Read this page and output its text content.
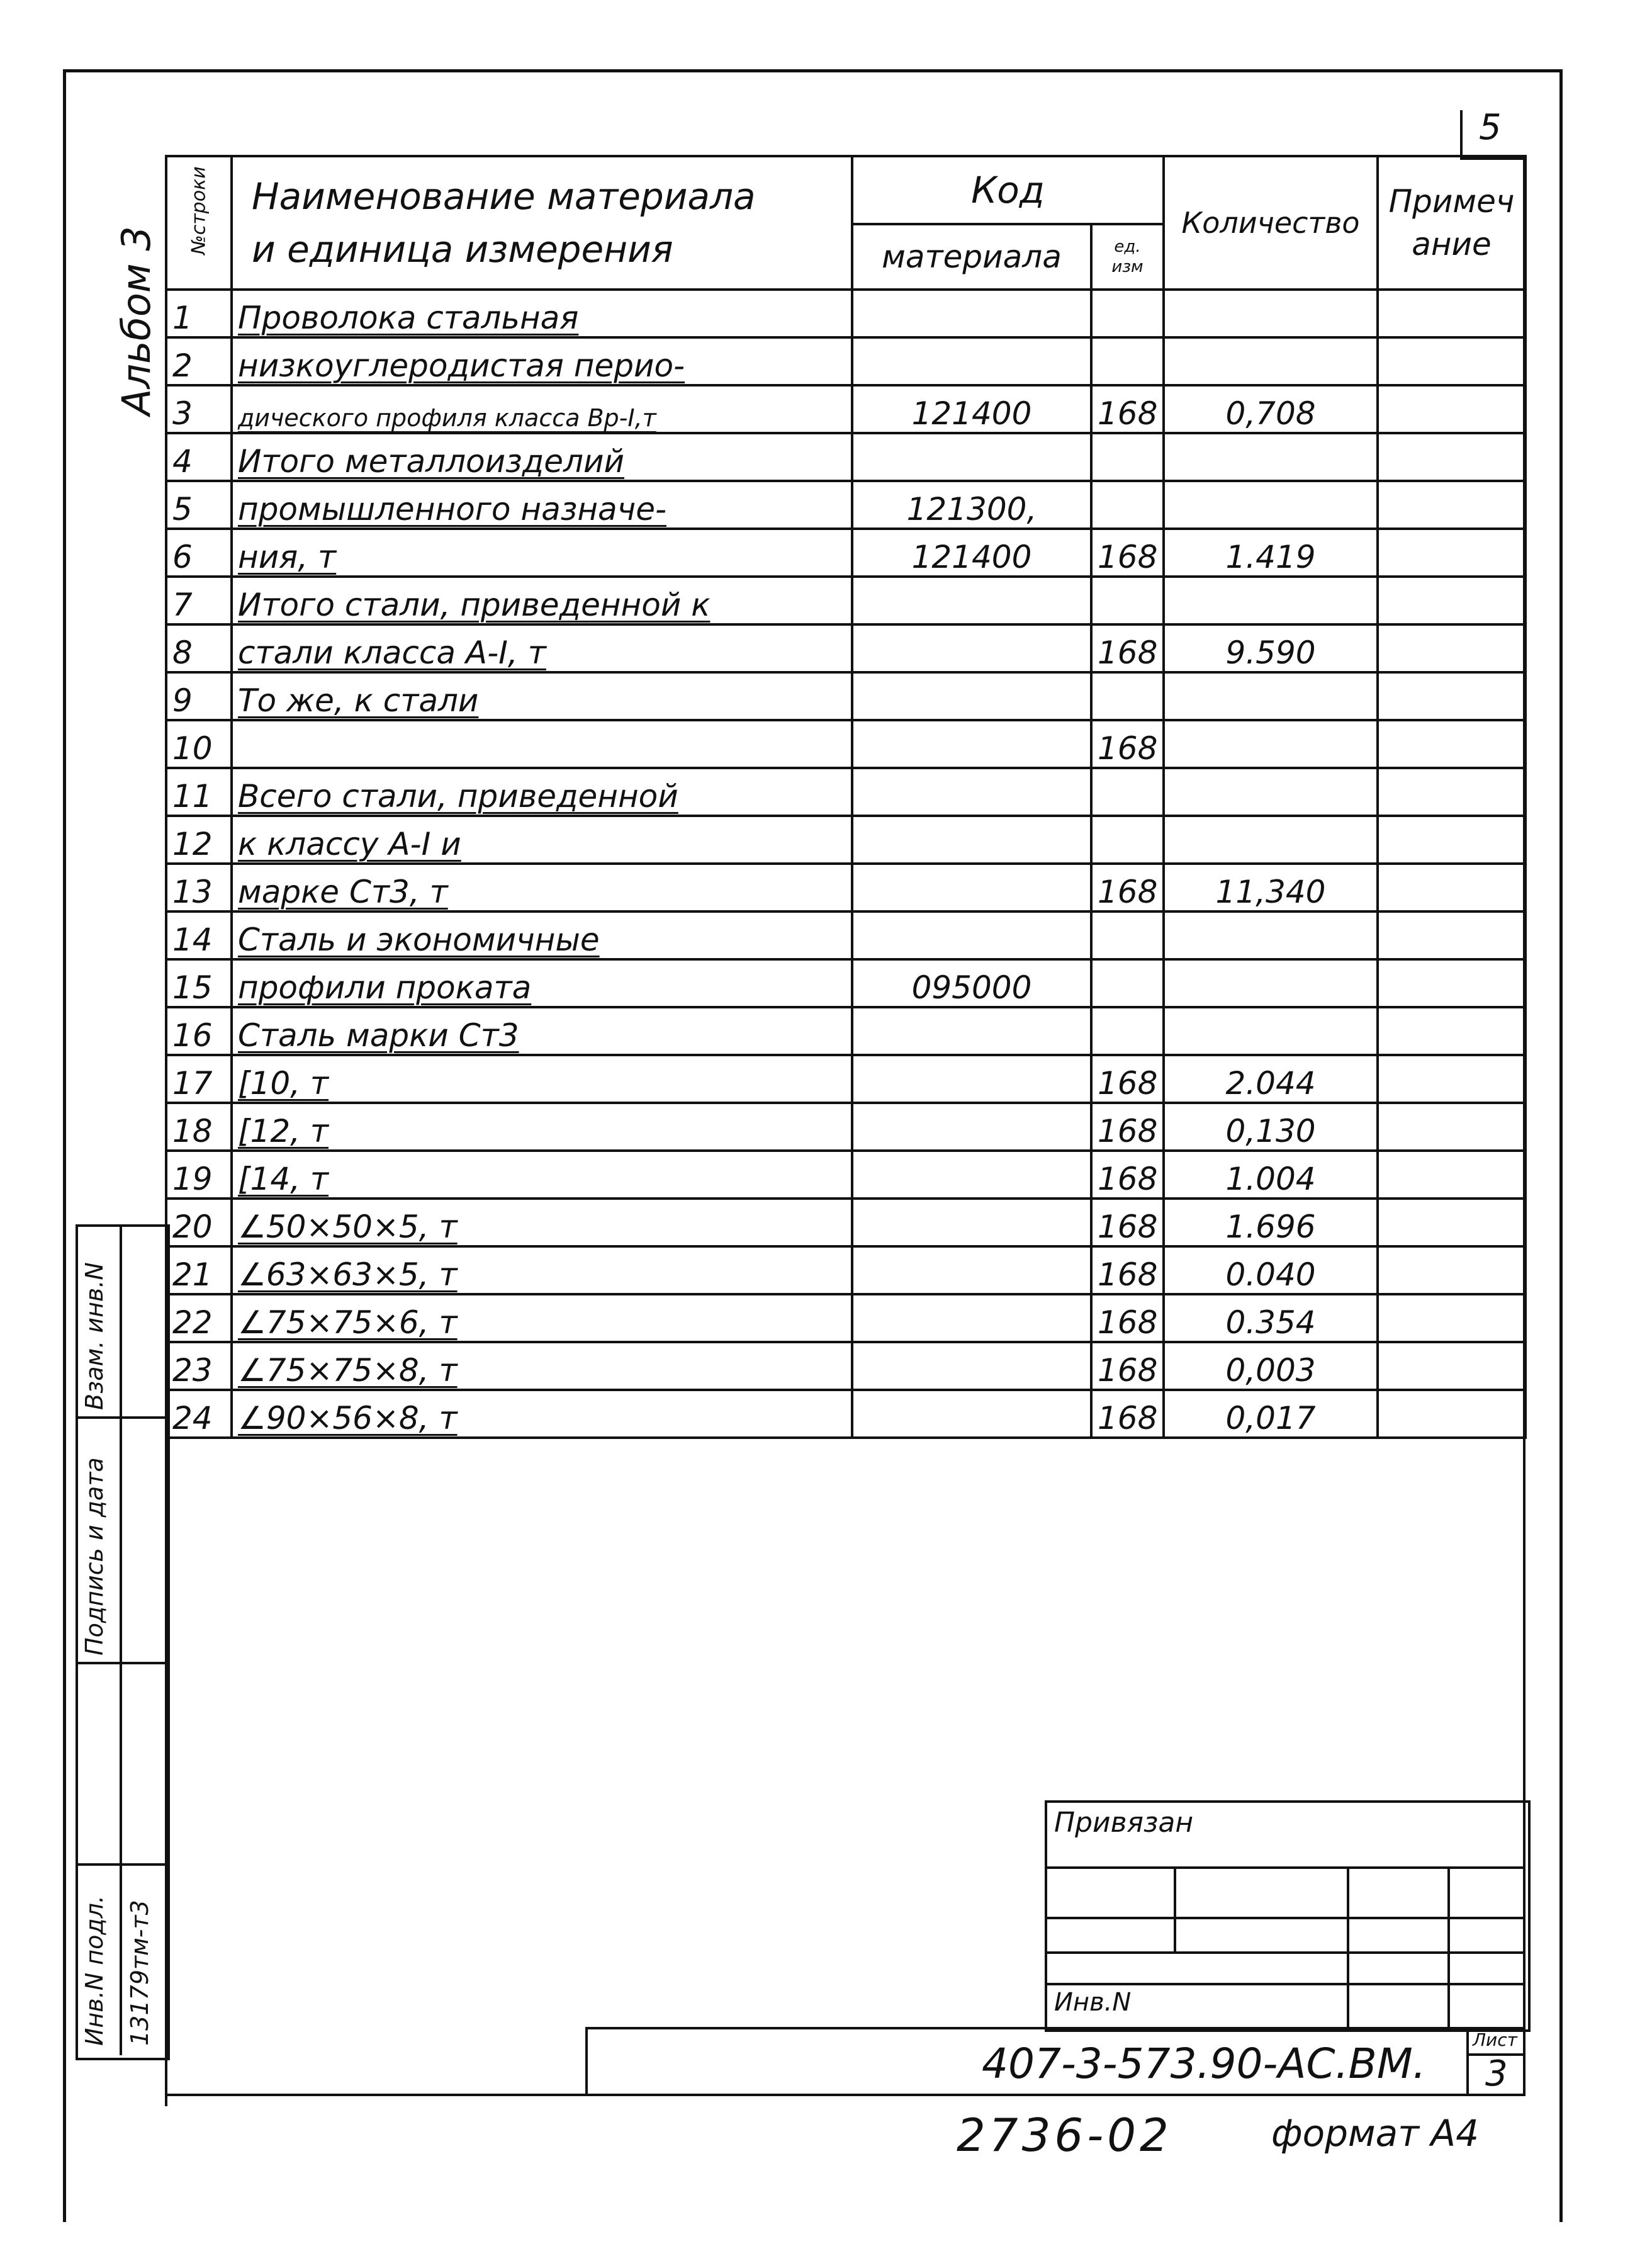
5
Альбом 3
№строки	Наименование материала
и единица измерения	Код		Количество	Примечание
		материала	ед. изм		
1	Проволока стальная				
2	низкоуглеродистая перио-				
3	дического профиля класса Вр-I,т	121400	168	0,708	
4	Итого металлоизделий				
5	промышленного назначе-	121300,			
6	ния, т	121400	168	1.419	
7	Итого стали, приведенной к				
8	стали класса А-I, т		168	9.590	
9	То же, к стали				
10			168		
11	Всего стали, приведенной				
12	к классу А-I и				
13	марке Ст3, т		168	11,340	
14	Сталь и экономичные				
15	профили проката	095000			
16	Сталь марки Ст3				
17	[10, т		168	2.044	
18	[12, т		168	0,130	
19	[14, т		168	1.004	
20	∠50×50×5, т		168	1.696	
21	∠63×63×5, т		168	0.040	
22	∠75×75×6, т		168	0.354	
23	∠75×75×8, т		168	0,003	
24	∠90×56×8, т		168	0,017	
Взам. инв.N
Подпись и дата
Инв.N подл. 13179тм-т3
Привязан
Инв.N
407-3-573.90-АС.ВМ.	Лист
3
2736-02	формат А4
